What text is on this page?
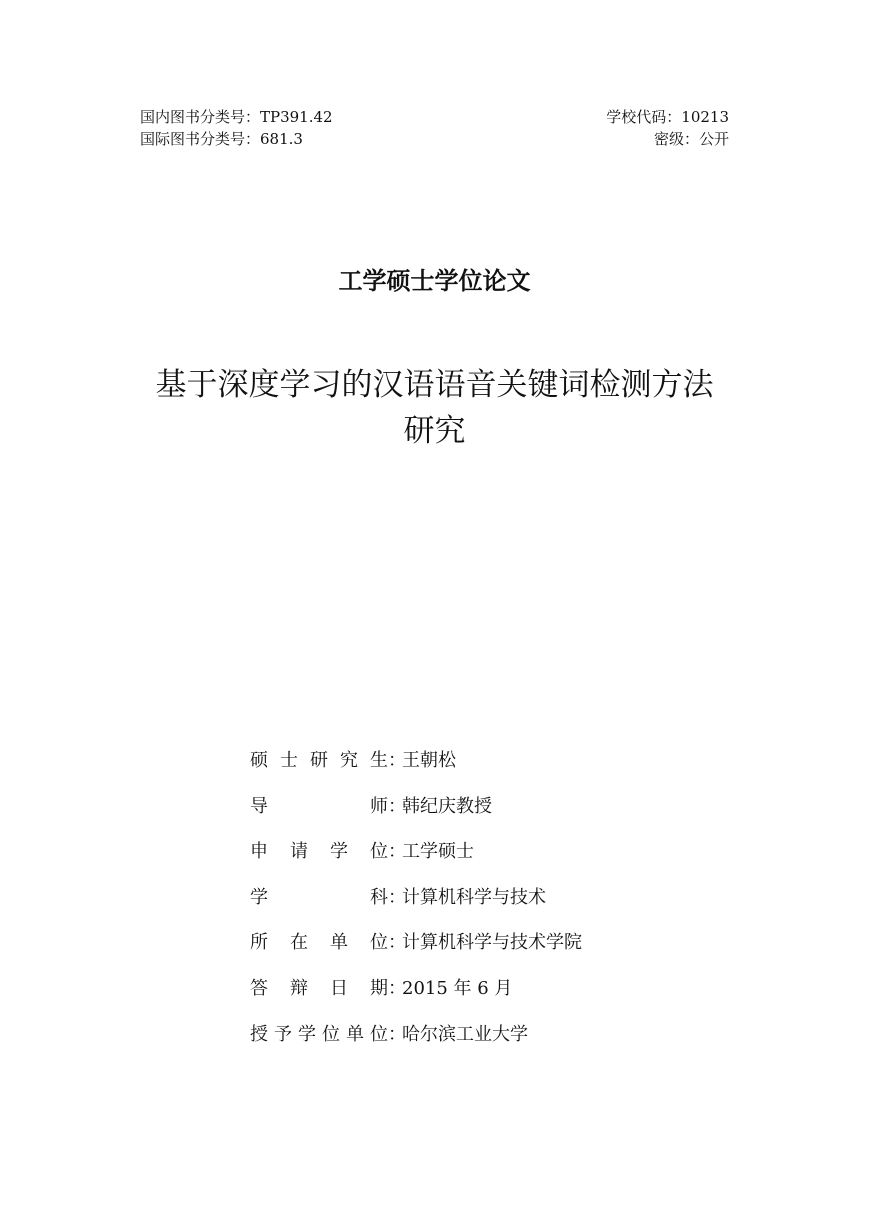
国内图书分类号：TP391.42
国际图书分类号：681.3
学校代码：10213
密级：公开
工学硕士学位论文
基于深度学习的汉语语音关键词检测方法
研究
硕 士 研 究 生 ：
王朝松
导	师 ：
韩纪庆教授
申 请 学 位 ：
工学硕士
学	科 ：
计算机科学与技术
所 在 单 位 ：
计算机科学与技术学院
答 辩 日 期 ：
2015 年 6 月
授 予 学 位 单 位 ：
哈尔滨工业大学
